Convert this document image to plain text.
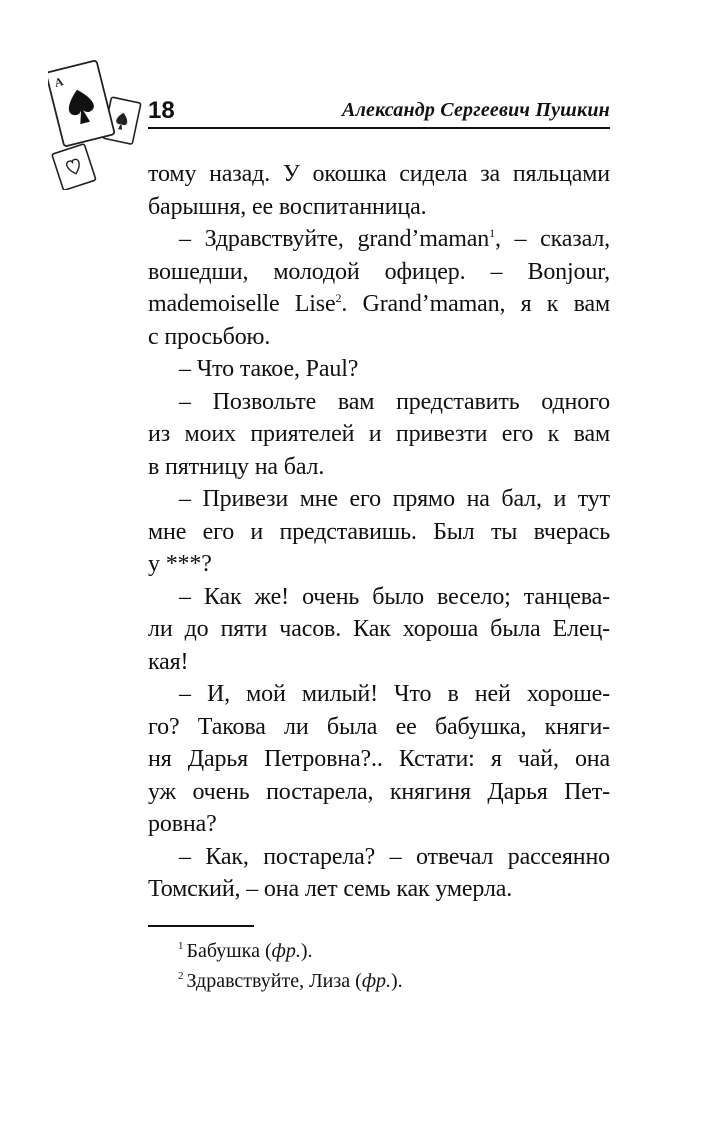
A
18	Александр Сергеевич Пушкин
тому назад. У окошка сидела за пяльцами
барышня, ее воспитанница.
– Здравствуйте, grand’maman$^1$, – сказал,
вошедши, молодой офицер. – Bonjour,
mademoiselle Lise$^2$. Grand’maman, я к вам
с просьбою.
– Что такое, Paul?
– Позвольте вам представить одного
из моих приятелей и привезти его к вам
в пятницу на бал.
– Привези мне его прямо на бал, и тут
мне его и представишь. Был ты вчерась
у ***?
– Как же! очень было весело; танцева-
ли до пяти часов. Как хороша была Елец-
кая!
– И, мой милый! Что в ней хороше-
го? Такова ли была ее бабушка, княги-
ня Дарья Петровна?.. Кстати: я чай, она
уж очень постарела, княгиня Дарья Пет-
ровна?
– Как, постарела? – отвечал рассеянно
Томский, – она лет семь как умерла.
$^1$ Бабушка (фр.).
$^2$ Здравствуйте, Лиза (фр.).
